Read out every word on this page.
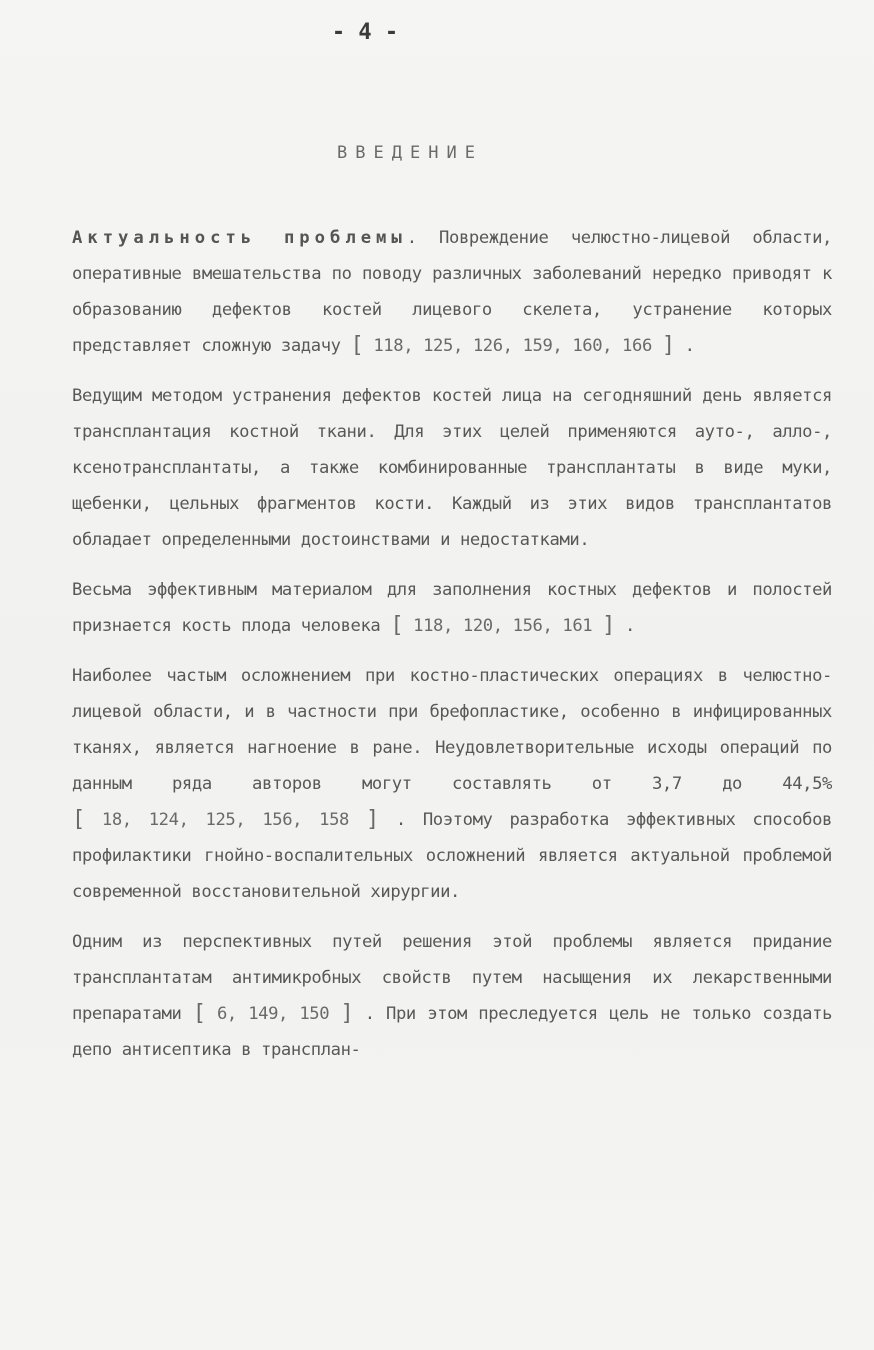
- 4 -
ВВЕДЕНИЕ

Актуальность проблемы. Повреждение челюстно-лицевой области, оперативные вмешательства по поводу различных заболеваний нередко приводят к образованию дефектов костей лицевого скелета, устранение которых представляет сложную задачу [ 118, 125, 126, 159, 160, 166 ] .

Ведущим методом устранения дефектов костей лица на сегодняшний день является трансплантация костной ткани. Для этих целей применяются ауто-, алло-, ксенотрансплантаты, а также комбинированные трансплантаты в виде муки, щебенки, цельных фрагментов кости. Каждый из этих видов трансплантатов обладает определенными достоинствами и недостатками.

Весьма эффективным материалом для заполнения костных дефектов и полостей признается кость плода человека [ 118, 120, 156, 161 ] .

Наиболее частым осложнением при костно-пластических операциях в челюстно-лицевой области, и в частности при брефопластике, особенно в инфицированных тканях, является нагноение в ране. Неудовлетворительные исходы операций по данным ряда авторов могут составлять от 3,7 до 44,5% [ 18, 124, 125, 156, 158 ] . Поэтому разработка эффективных способов профилактики гнойно-воспалительных осложнений является актуальной проблемой современной восстановительной хирургии.

Одним из перспективных путей решения этой проблемы является придание трансплантатам антимикробных свойств путем насыщения их лекарственными препаратами [ 6, 149, 150 ] . При этом преследуется цель не только создать депо антисептика в трансплан-
